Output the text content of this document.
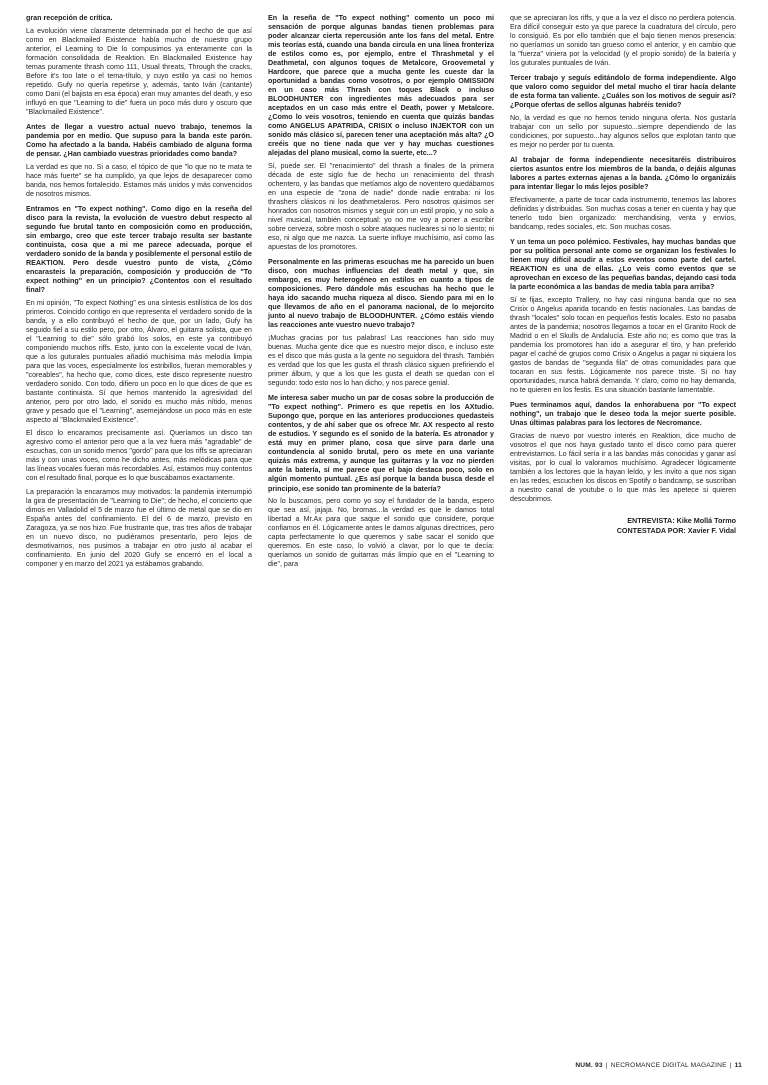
gran recepción de crítica.

La evolución viene claramente determinada por el hecho de que así como en Blackmailed Existence había mucho de nuestro grupo anterior, el Learning to Die lo compusimos ya enteramente con la formación consolidada de Reaktion. En Blackmailed Existence hay temas puramente thrash como 111, Usual threats, Through the cracks, Before it's too late o el tema-título, y cuyo estilo ya casi no hemos repetido. Gufy no quería repetirse y, además, tanto Iván (cantante) como Dani (el bajista en esa época) eran muy amantes del death, y eso influyó en que "Learning to die" fuera un poco más duro y oscuro que "Blackmailed Existence".

Antes de llegar a vuestro actual nuevo trabajo, tenemos la pandemia por en medio. Que supuso para la banda este parón. Como ha afectado a la banda. Habéis cambiado de alguna forma de pensar. ¿Han cambiado vuestras prioridades como banda?

La verdad es que no. Si a caso, el tópico de que "lo que no te mata te hace más fuerte" se ha cumplido, ya que lejos de desaparecer como banda, nos hemos fortalecido. Estamos más unidos y más convencidos de nosotros mismos.

Entramos en "To expect nothing". Como digo en la reseña del disco para la revista, la evolución de vuestro debut respecto al segundo fue brutal tanto en composición como en producción, sin embargo, creo que este tercer trabajo resulta ser bastante continuista, cosa que a mi me parece adecuada, porque el verdadero sonido de la banda y posiblemente el personal estilo de REAKTION. Pero desde vuestro punto de vista, ¿Cómo encarasteis la preparación, composición y producción de "To expect nothing" en un principio? ¿Contentos con el resultado final?

En mi opinión, "To expect Nothing" es una síntesis estilística de los dos primeros. Coincido contigo en que representa el verdadero sonido de la banda, y a ello contribuyó el hecho de que, por un lado, Gufy ha seguido fiel a su estilo pero, por otro, Álvaro, el guitarra solista, que en el "Learning to die" sólo grabó los solos, en este ya contribuyó componiendo muchos riffs. Esto, junto con la excelente vocal de Iván, que a los guturales puntuales añadió muchísima más melodía limpia para que las voces, especialmente los estribillos, fueran memorables y "coreables", ha hecho que, como dices, este disco represente nuestro verdadero sonido. Con todo, difiero un poco en lo que dices de que es bastante continuista. Sí que hemos mantenido la agresividad del anterior, pero por otro lado, el sonido es mucho más nítido, menos grave y pesado que el "Learning", asemejándose un poco más en este aspecto al "Blackmailed Existence".

El disco lo encaramos precisamente así. Queríamos un disco tan agresivo como el anterior pero que a la vez fuera más "agradable" de escuchas, con un sonido menos "gordo" para que los riffs se apreciaran más y con unas voces, como he dicho antes, más melódicas para que las líneas vocales fueran más recordables. Así, estamos muy contentos con el resultado final, porque es lo que buscábamos exactamente.

La preparación la encaramos muy motivados: la pandemia interrumpió la gira de presentación de "Learning to Die"; de hecho, el concierto que dimos en Valladolid el 5 de marzo fue el último de metal que se dio en España antes del confinamiento. El del 6 de marzo, previsto en Zaragoza, ya se nos hizo. Fue frustrante que, tras tres años de trabajar en un nuevo disco, no pudiéramos presentarlo, pero lejos de desmotivarnos, nos pusimos a trabajar en otro justo al acabar el confinamiento. En junio del 2020 Gufy se encerró en el local a componer y en marzo del 2021 ya estábamos grabando.

En la reseña de "To expect nothing" comento un poco mi sensación de porque algunas bandas tienen problemas para poder alcanzar cierta repercusión ante los fans del metal. Entre mis teorías está, cuando una banda circula en una línea fronteriza de estilos como es, por ejemplo, entre el Thrashmetal y el Deathmetal, con algunos toques de Metalcore, Groovemetal y Hardcore, que parece que a mucha gente les cueste dar la oportunidad a bandas como vosotros, o por ejemplo OMISSION en un caso más Thrash con toques Black o incluso BLOODHUNTER con ingredientes más adecuados para ser aceptados en un caso más entre el Death, power y Metalcore. ¿Como lo veis vosotros, teniendo en cuenta que quizás bandas como ANGELUS APATRIDA, CRISIX o incluso INJEKTOR con un sonido más clásico sí, parecen tener una aceptación más alta? ¿O creéis que no tiene nada que ver y hay muchas cuestiones alejadas del plano musical, como la suerte, etc...?

Sí, puede ser. El "renacimiento" del thrash a finales de la primera década de este siglo fue de hecho un renacimiento del thrash ochentero, y las bandas que metíamos algo de noventero quedábamos en una especie de "zona de nadie" donde nadie entraba: ni los thrashers clásicos ni los deathmetaleros. Pero nosotros quisimos ser honrados con nosotros mismos y seguir con un estil propio, y no solo a nivel musical, también conceptual: yo no me voy a poner a escribir sobre cerveza, sobre mosh o sobre ataques nucleares si no lo siento; ni eso, ni algo que me nazca. La suerte influye muchísimo, así como las apuestas de los promotores.

Personalmente en las primeras escuchas me ha parecido un buen disco, con muchas influencias del death metal y que, sin embargo, es muy heterogéneo en estilos en cuanto a tipos de composiciones. Pero dándole más escuchas ha hecho que le haya ido sacando mucha riqueza al disco. Siendo para mi en lo que llevamos de año en el panorama nacional, de lo mejorcito junto al nuevo trabajo de BLOODHUNTER. ¿Cómo estáis viendo las reacciones ante vuestro nuevo trabajo?

¡Muchas gracias por tus palabras! Las reacciones han sido muy buenas. Mucha gente dice que es nuestro mejor disco, e incluso este es el disco que más gusta a la gente no seguidora del thrash. También es verdad que los que les gusta el thrash clásico siguen prefiriendo el primer álbum, y que a los que les gusta el death se quedan con el segundo: todo esto nos lo han dicho, y nos parece genial.

Me interesa saber mucho un par de cosas sobre la producción de "To expect nothing". Primero es que repetís en los AXtudio. Supongo que, porque en las anteriores producciones quedasteis contentos, y de ahí saber que os ofrece Mr. AX respecto al resto de estudios. Y segundo es el sonido de la batería. Es atronador y está muy en primer plano, cosa que sirve para darle una contundencia al sonido brutal, pero os mete en una variante quizás más extrema, y aunque las guitarras y la voz no pierden ante la batería, sí me parece que el bajo destaca poco, solo en algún momento puntual. ¿Es así porque la banda busca desde el principio, ese sonido tan prominente de la batería?

No lo buscamos, pero como yo soy el fundador de la banda, espero que sea así, jajaja. No, bromas...la verdad es que le damos total libertad a Mr.Ax para que saque el sonido que considere, porque confiamos en él. Lógicamente antes le damos algunas directrices, pero capta perfectamente lo que queremos y sabe sacar el sonido que queremos. En este caso, lo volvió a clavar, por lo que te decía: queríamos un sonido de guitarras más limpio que en el "Learning to die", para

que se apreciaran los riffs, y que a la vez el disco no perdiera potencia. Era difícil conseguir esto ya que parece la cuadratura del círculo, pero lo consiguió. Es por ello también que el bajo tienen menos presencia: no queríamos un sonido tan grueso como el anterior, y en cambio que la "fuerza" viniera por la velocidad (y el propio sonido) de la batería y los guturales puntuales de Iván.

Tercer trabajo y seguís editándolo de forma independiente. Algo que valoro como seguidor del metal mucho el tirar hacía delante de esta forma tan valiente. ¿Cuáles son los motivos de seguir así? ¿Porque ofertas de sellos algunas habréis tenido?

No, la verdad es que no hemos tenido ninguna oferta. Nos gustaría trabajar con un sello por supuesto...siempre dependiendo de las condiciones, por supuesto...hay algunos sellos que explotan tanto que es mejor no perder por tu cuenta.

Al trabajar de forma independiente necesitaréis distribuiros ciertos asuntos entre los miembros de la banda, o dejáis algunas labores a partes externas ajenas a la banda. ¿Cómo lo organizáis para intentar llegar lo más lejos posible?

Efectivamente, a parte de tocar cada instrumento, tenemos las labores definidas y distribuidas. Son muchas cosas a tener en cuenta y hay que tenerlo todo bien organizado: merchandising, venta y envíos, bandcamp, redes sociales, etc. Son muchas cosas.

Y un tema un poco polémico. Festivales, hay muchas bandas que por su política personal ante como se organizan los festivales lo tienen muy difícil acudir a estos eventos como parte del cartel. REAKTION es una de ellas. ¿Lo veis como eventos que se aprovechan en exceso de las pequeñas bandas, dejando casi toda la parte económica a las bandas de media tabla para arriba?

Sí te fijas, excepto Trallery, no hay casi ninguna banda que no sea Crisix o Angelus aparida tocando en festis nacionales. Las bandas de thrash "locales" solo tocan en pequeños festis locales. Esto no pasaba antes de la pandemia; nosotros llegamos a tocar en el Granito Rock de Madrid o en el Skulls de Andalucía. Este año no; es como que tras la pandemia los promotores han ido a asegurar el tiro, y han preferido pagar el caché de grupos como Crisix o Angelus a pagar ni siquiera los gastos de bandas de "segunda fila" de otras comunidades para que tocaran en sus festis. Lógicamente nos parece triste. Si no hay oportunidades, nunca habrá demanda. Y claro, como no hay demanda, no te quieren en los festis. Es una situación bastante lamentable.

Pues terminamos aquí, dandos la enhorabuena por "To expect nothing", un trabajo que le deseo toda la mejor suerte posible. Unas últimas palabras para los lectores de Necromance.

Gracias de nuevo por vuestro interés en Reaktion, dice mucho de vosotros el que nos haya gustado tanto el disco como para querer entrevistarnos. Lo fácil sería ir a las bandas más conocidas y ganar así visitas, por lo cual lo valoramos muchísimo. Agradecer lógicamente también a los lectores que la hayan leído, y les invito a que nos sigan en las redes, escuchen los discos en Spotify o bandcamp, se suscriban a nuestro canal de youtube o lo que más les apetece si quieren descubrirnos.

ENTREVISTA: Kike Mollá Tormo
CONTESTADA POR: Xavier F. Vidal
NUM. 93 | NECROMANCE DIGITAL MAGAZINE | 11
